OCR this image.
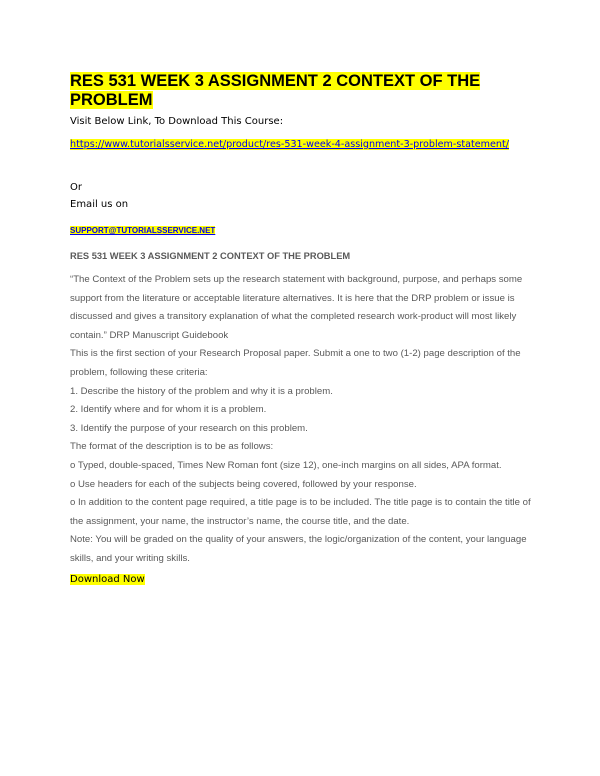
RES 531 WEEK 3 ASSIGNMENT 2 CONTEXT OF THE PROBLEM
Visit Below Link, To Download This Course:
https://www.tutorialsservice.net/product/res-531-week-4-assignment-3-problem-statement/
Or
Email us on
SUPPORT@TUTORIALSSERVICE.NET
RES 531 WEEK 3 ASSIGNMENT 2 CONTEXT OF THE PROBLEM

“The Context of the Problem sets up the research statement with background, purpose, and perhaps some support from the literature or acceptable literature alternatives. It is here that the DRP problem or issue is discussed and gives a transitory explanation of what the completed research work-product will most likely contain.” DRP Manuscript Guidebook

This is the first section of your Research Proposal paper. Submit a one to two (1-2) page description of the problem, following these criteria:

1. Describe the history of the problem and why it is a problem.

2. Identify where and for whom it is a problem.

3. Identify the purpose of your research on this problem.

The format of the description is to be as follows:

o Typed, double-spaced, Times New Roman font (size 12), one-inch margins on all sides, APA format.

o Use headers for each of the subjects being covered, followed by your response.

o In addition to the content page required, a title page is to be included. The title page is to contain the title of the assignment, your name, the instructor’s name, the course title, and the date.

Note: You will be graded on the quality of your answers, the logic/organization of the content, your language skills, and your writing skills.

Download Now
